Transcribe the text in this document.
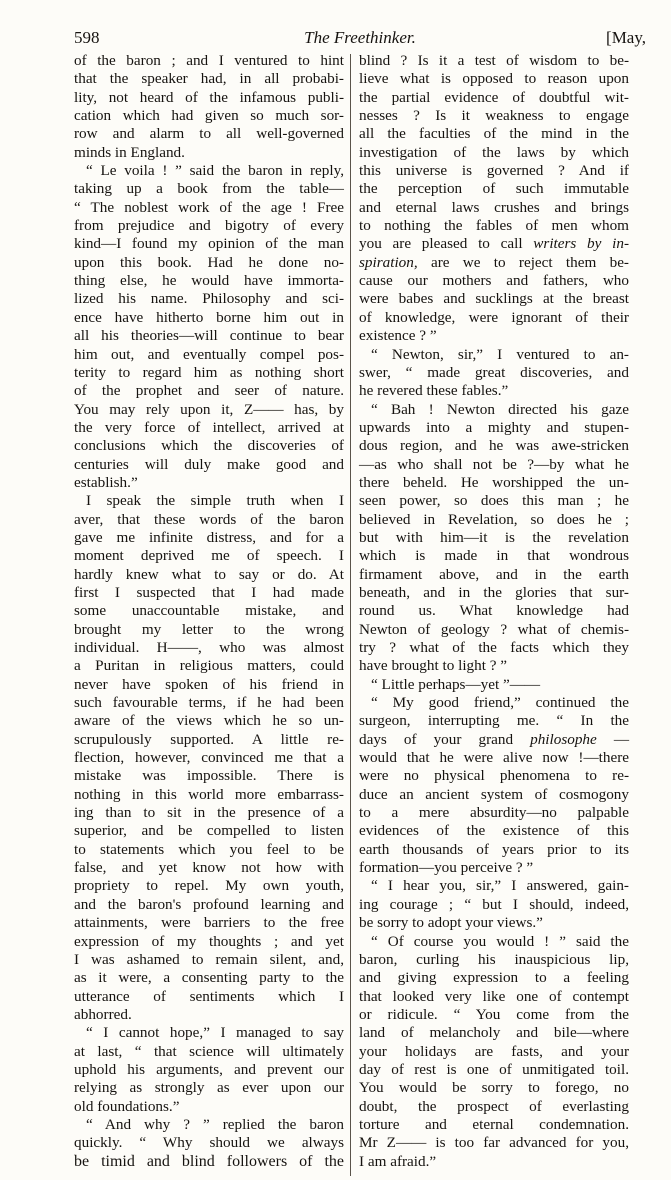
598	The Freethinker.	[May,
of the baron ; and I ventured to hint
that the speaker had, in all probabi-
lity, not heard of the infamous publi-
cation which had given so much sor-
row and alarm to all well-governed
minds in England.
“ Le voila ! ” said the baron in reply,
taking up a book from the table—
“ The noblest work of the age ! Free
from prejudice and bigotry of every
kind—I found my opinion of the man
upon this book. Had he done no-
thing else, he would have immorta-
lized his name. Philosophy and sci-
ence have hitherto borne him out in
all his theories—will continue to bear
him out, and eventually compel pos-
terity to regard him as nothing short
of the prophet and seer of nature.
You may rely upon it, Z—— has, by
the very force of intellect, arrived at
conclusions which the discoveries of
centuries will duly make good and
establish.”
I speak the simple truth when I
aver, that these words of the baron
gave me infinite distress, and for a
moment deprived me of speech. I
hardly knew what to say or do. At
first I suspected that I had made
some unaccountable mistake, and
brought my letter to the wrong
individual. H——, who was almost
a Puritan in religious matters, could
never have spoken of his friend in
such favourable terms, if he had been
aware of the views which he so un-
scrupulously supported. A little re-
flection, however, convinced me that a
mistake was impossible. There is
nothing in this world more embarrass-
ing than to sit in the presence of a
superior, and be compelled to listen
to statements which you feel to be
false, and yet know not how with
propriety to repel. My own youth,
and the baron's profound learning and
attainments, were barriers to the free
expression of my thoughts ; and yet
I was ashamed to remain silent, and,
as it were, a consenting party to the
utterance of sentiments which I
abhorred.
“ I cannot hope,” I managed to say
at last, “ that science will ultimately
uphold his arguments, and prevent our
relying as strongly as ever upon our
old foundations.”
“ And why ? ” replied the baron
quickly. “ Why should we always
be timid and blind followers of the
blind ? Is it a test of wisdom to be-
lieve what is opposed to reason upon
the partial evidence of doubtful wit-
nesses ? Is it weakness to engage
all the faculties of the mind in the
investigation of the laws by which
this universe is governed ? And if
the perception of such immutable
and eternal laws crushes and brings
to nothing the fables of men whom
you are pleased to call writers by in-
spiration, are we to reject them be-
cause our mothers and fathers, who
were babes and sucklings at the breast
of knowledge, were ignorant of their
existence ? ”
“ Newton, sir,” I ventured to an-
swer, “ made great discoveries, and
he revered these fables.”
“ Bah ! Newton directed his gaze
upwards into a mighty and stupen-
dous region, and he was awe-stricken
—as who shall not be ?—by what he
there beheld. He worshipped the un-
seen power, so does this man ; he
believed in Revelation, so does he ;
but with him—it is the revelation
which is made in that wondrous
firmament above, and in the earth
beneath, and in the glories that sur-
round us. What knowledge had
Newton of geology ? what of chemis-
try ? what of the facts which they
have brought to light ? ”
“ Little perhaps—yet ”——
“ My good friend,” continued the
surgeon, interrupting me. “ In the
days of your grand philosophe —
would that he were alive now !—there
were no physical phenomena to re-
duce an ancient system of cosmogony
to a mere absurdity—no palpable
evidences of the existence of this
earth thousands of years prior to its
formation—you perceive ? ”
“ I hear you, sir,” I answered, gain-
ing courage ; “ but I should, indeed,
be sorry to adopt your views.”
“ Of course you would ! ” said the
baron, curling his inauspicious lip,
and giving expression to a feeling
that looked very like one of contempt
or ridicule. “ You come from the
land of melancholy and bile—where
your holidays are fasts, and your
day of rest is one of unmitigated toil.
You would be sorry to forego, no
doubt, the prospect of everlasting
torture and eternal condemnation.
Mr Z—— is too far advanced for you,
I am afraid.”
